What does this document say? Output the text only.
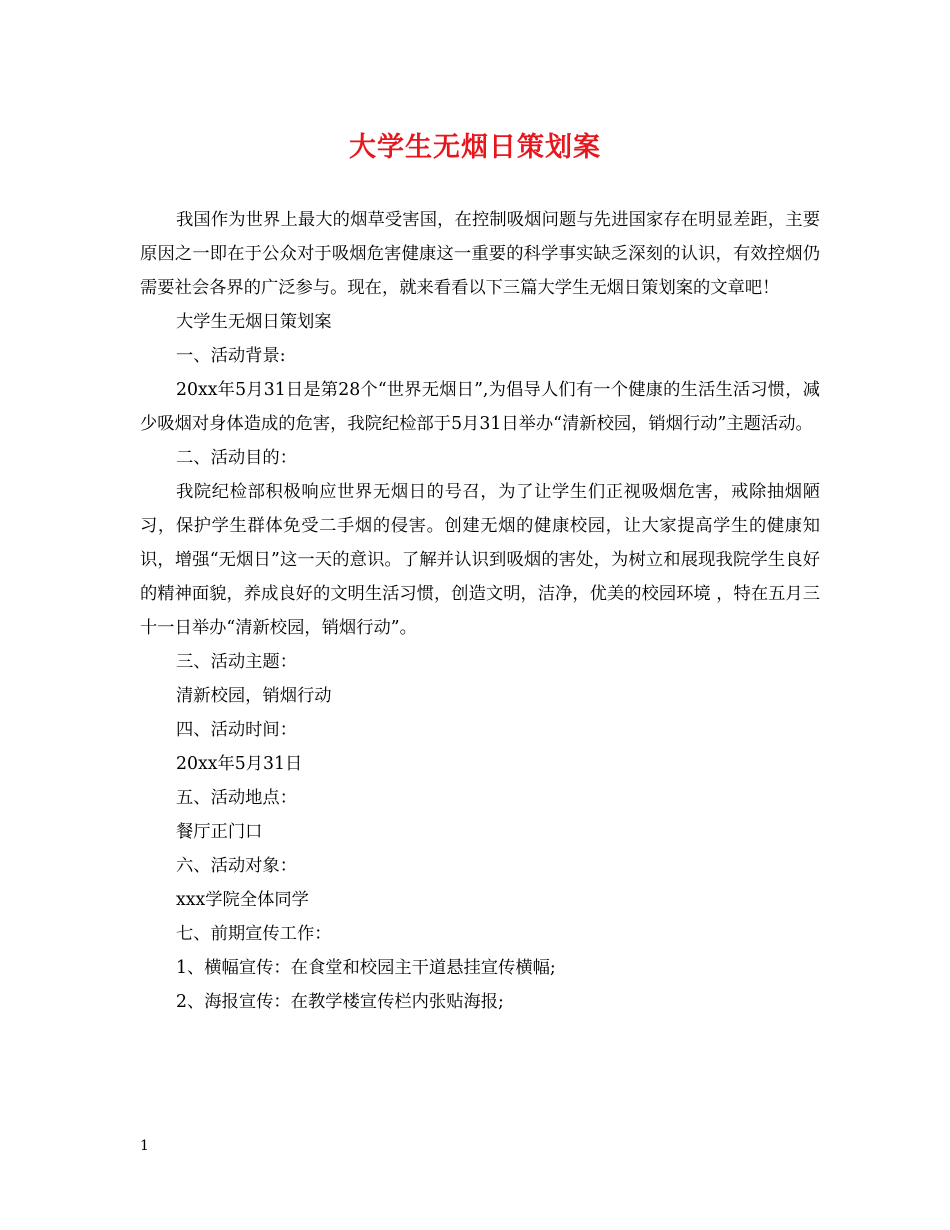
大学生无烟日策划案

我国作为世界上最大的烟草受害国，在控制吸烟问题与先进国家存在明显差距，主要原因之一即在于公众对于吸烟危害健康这一重要的科学事实缺乏深刻的认识，有效控烟仍需要社会各界的广泛参与。现在，就来看看以下三篇大学生无烟日策划案的文章吧！

大学生无烟日策划案

一、活动背景:

20xx年5月31日是第28个“世界无烟日”,为倡导人们有一个健康的生活生活习惯，减少吸烟对身体造成的危害，我院纪检部于5月31日举办“清新校园，销烟行动”主题活动。

二、活动目的：

我院纪检部积极响应世界无烟日的号召，为了让学生们正视吸烟危害，戒除抽烟陋习，保护学生群体免受二手烟的侵害。创建无烟的健康校园，让大家提高学生的健康知识，增强“无烟日”这一天的意识。了解并认识到吸烟的害处，为树立和展现我院学生良好的精神面貌，养成良好的文明生活习惯，创造文明，洁净，优美的校园环境 ，特在五月三十一日举办“清新校园，销烟行动”。

三、活动主题：

清新校园，销烟行动

四、活动时间：

20xx年5月31日

五、活动地点：

餐厅正门口

六、活动对象：

xxx学院全体同学

七、前期宣传工作：

1、横幅宣传：在食堂和校园主干道悬挂宣传横幅;

2、海报宣传：在教学楼宣传栏内张贴海报;

1
